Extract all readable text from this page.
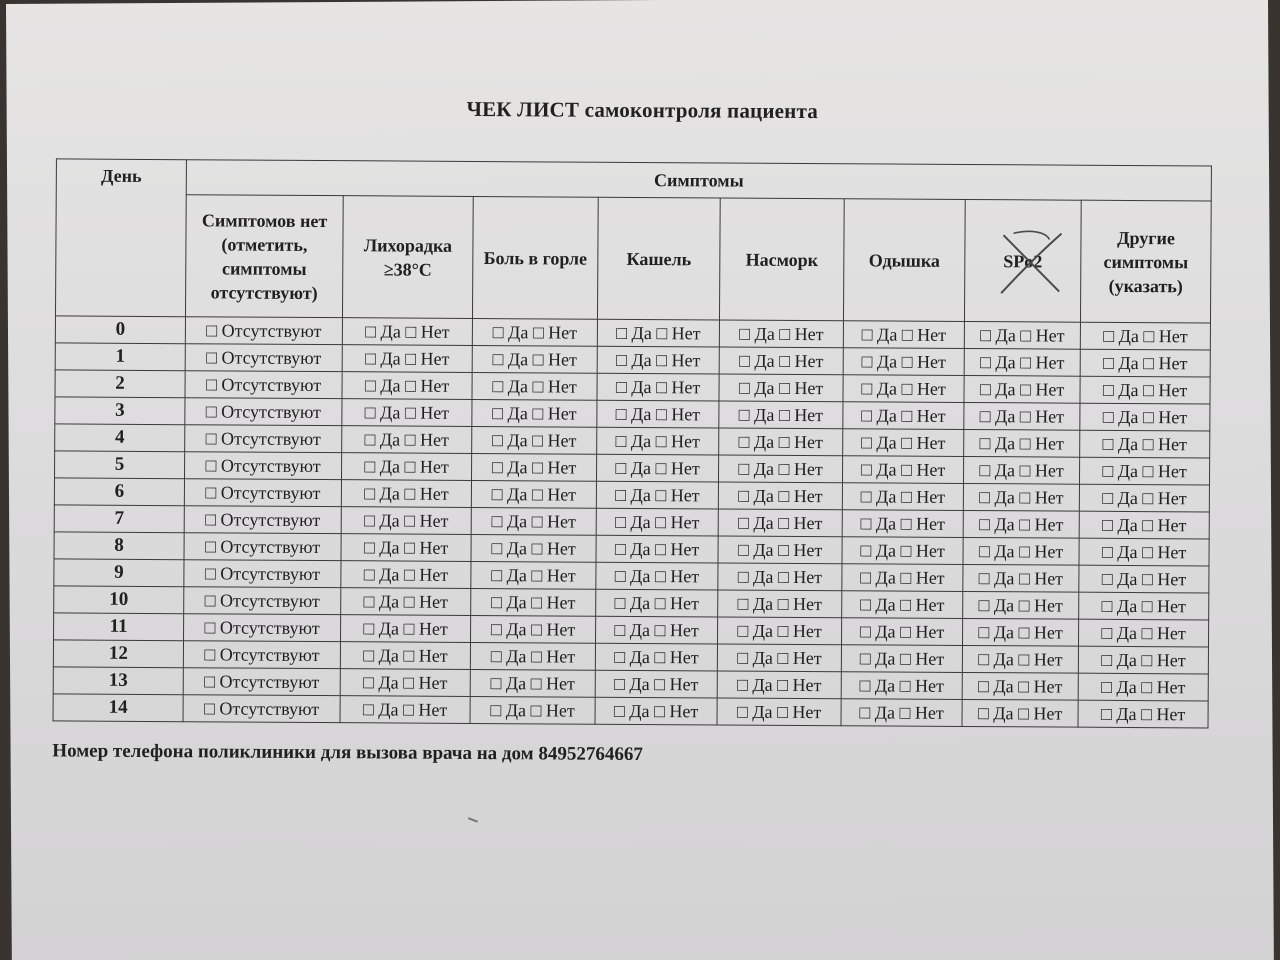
ЧЕК ЛИСТ самоконтроля пациента
День	Симптомы							
	Симптомов нет (отметить, симптомы отсутствуют)	Лихорадка ≥38°С	Боль в горле	Кашель	Насморк	Одышка	SPo2	Другие симптомы (указать)
0	□ Отсутствуют	□ Да □ Нет	□ Да □ Нет	□ Да □ Нет	□ Да □ Нет	□ Да □ Нет	□ Да □ Нет	□ Да □ Нет
1	□ Отсутствуют	□ Да □ Нет	□ Да □ Нет	□ Да □ Нет	□ Да □ Нет	□ Да □ Нет	□ Да □ Нет	□ Да □ Нет
2	□ Отсутствуют	□ Да □ Нет	□ Да □ Нет	□ Да □ Нет	□ Да □ Нет	□ Да □ Нет	□ Да □ Нет	□ Да □ Нет
3	□ Отсутствуют	□ Да □ Нет	□ Да □ Нет	□ Да □ Нет	□ Да □ Нет	□ Да □ Нет	□ Да □ Нет	□ Да □ Нет
4	□ Отсутствуют	□ Да □ Нет	□ Да □ Нет	□ Да □ Нет	□ Да □ Нет	□ Да □ Нет	□ Да □ Нет	□ Да □ Нет
5	□ Отсутствуют	□ Да □ Нет	□ Да □ Нет	□ Да □ Нет	□ Да □ Нет	□ Да □ Нет	□ Да □ Нет	□ Да □ Нет
6	□ Отсутствуют	□ Да □ Нет	□ Да □ Нет	□ Да □ Нет	□ Да □ Нет	□ Да □ Нет	□ Да □ Нет	□ Да □ Нет
7	□ Отсутствуют	□ Да □ Нет	□ Да □ Нет	□ Да □ Нет	□ Да □ Нет	□ Да □ Нет	□ Да □ Нет	□ Да □ Нет
8	□ Отсутствуют	□ Да □ Нет	□ Да □ Нет	□ Да □ Нет	□ Да □ Нет	□ Да □ Нет	□ Да □ Нет	□ Да □ Нет
9	□ Отсутствуют	□ Да □ Нет	□ Да □ Нет	□ Да □ Нет	□ Да □ Нет	□ Да □ Нет	□ Да □ Нет	□ Да □ Нет
10	□ Отсутствуют	□ Да □ Нет	□ Да □ Нет	□ Да □ Нет	□ Да □ Нет	□ Да □ Нет	□ Да □ Нет	□ Да □ Нет
11	□ Отсутствуют	□ Да □ Нет	□ Да □ Нет	□ Да □ Нет	□ Да □ Нет	□ Да □ Нет	□ Да □ Нет	□ Да □ Нет
12	□ Отсутствуют	□ Да □ Нет	□ Да □ Нет	□ Да □ Нет	□ Да □ Нет	□ Да □ Нет	□ Да □ Нет	□ Да □ Нет
13	□ Отсутствуют	□ Да □ Нет	□ Да □ Нет	□ Да □ Нет	□ Да □ Нет	□ Да □ Нет	□ Да □ Нет	□ Да □ Нет
14	□ Отсутствуют	□ Да □ Нет	□ Да □ Нет	□ Да □ Нет	□ Да □ Нет	□ Да □ Нет	□ Да □ Нет	□ Да □ Нет
Номер телефона поликлиники для вызова врача на дом 84952764667
